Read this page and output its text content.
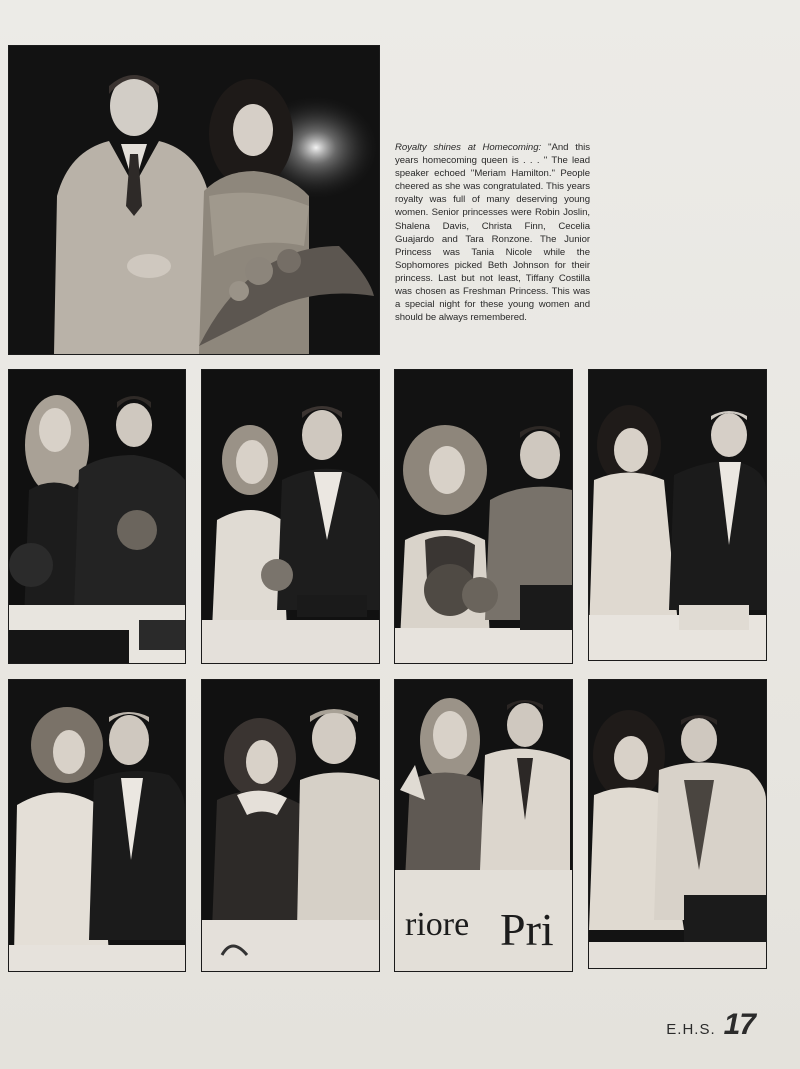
Royalty shines at Homecoming: ''And this years homecoming queen is . . . '' The lead speaker echoed ''Meriam Hamilton.'' People cheered as she was congratulated. This years royalty was full of many deserving young women. Senior princesses were Robin Joslin, Shalena Davis, Christa Finn, Cecelia Guajardo and Tara Ronzone. The Junior Princess was Tania Nicole while the Sophomores picked Beth Johnson for their princess. Last but not least, Tiffany Costilla was chosen as Freshman Princess. This was a special night for these young women and should be always remembered.
riore Pri
E.H.S. 17
